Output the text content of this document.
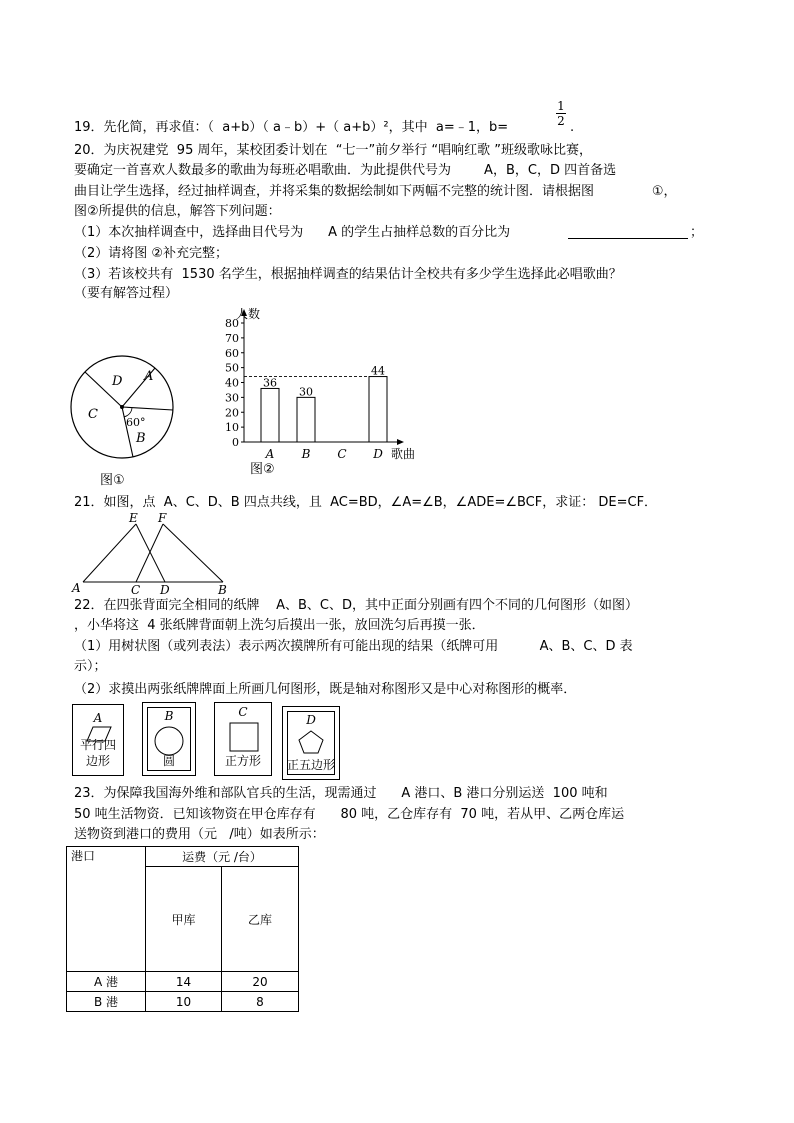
19．先化简，再求值：（  a+b）（ a﹣b）+（ a+b）²，其中  a=﹣1，b=
1
2 .
20．为庆祝建党  95 周年，某校团委计划在  “七一”前夕举行 “唱响红歌 ”班级歌咏比赛，
要确定一首喜欢人数最多的歌曲为每班必唱歌曲．为此提供代号为        A，B，C，D 四首备选
曲目让学生选择，经过抽样调查，并将采集的数据绘制如下两幅不完整的统计图．请根据图              ①，
图②所提供的信息，解答下列问题：
（1）本次抽样调查中，选择曲目代号为      A 的学生占抽样总数的百分比为	；
（2）请将图 ②补充完整；
（3）若该校共有  1530 名学生，根据抽样调查的结果估计全校共有多少学生选择此必唱歌曲？
（要有解答过程）
D A
C
B
60°
图①
0
10
20
30
40
50
60
70
80
人数
歌曲
36
A
30
B C
44
D
图②
21．如图，点  A、C、D、B 四点共线，且  AC=BD，∠A=∠B，∠ADE=∠BCF，求证： DE=CF．
E F
A	C D	B
22．在四张背面完全相同的纸牌    A、B、C、D，其中正面分别画有四个不同的几何图形（如图）
，小华将这  4 张纸牌背面朝上洗匀后摸出一张，放回洗匀后再摸一张．
（1）用树状图（或列表法）表示两次摸牌所有可能出现的结果（纸牌可用          A、B、C、D 表
示）；
（2）求摸出两张纸牌牌面上所画几何图形，既是轴对称图形又是中心对称图形的概率．
A
平行四
边形
B
圆
C
正方形
D
正五边形
23．为保障我国海外维和部队官兵的生活，现需通过      A 港口、B 港口分别运送  100 吨和
50 吨生活物资．已知该物资在甲仓库存有      80 吨，乙仓库存有  70 吨，若从甲、乙两仓库运
送物资到港口的费用（元   /吨）如表所示：
港口	运费（元 /台）	
	甲库	乙库
A 港	14	20
B 港	10	8
